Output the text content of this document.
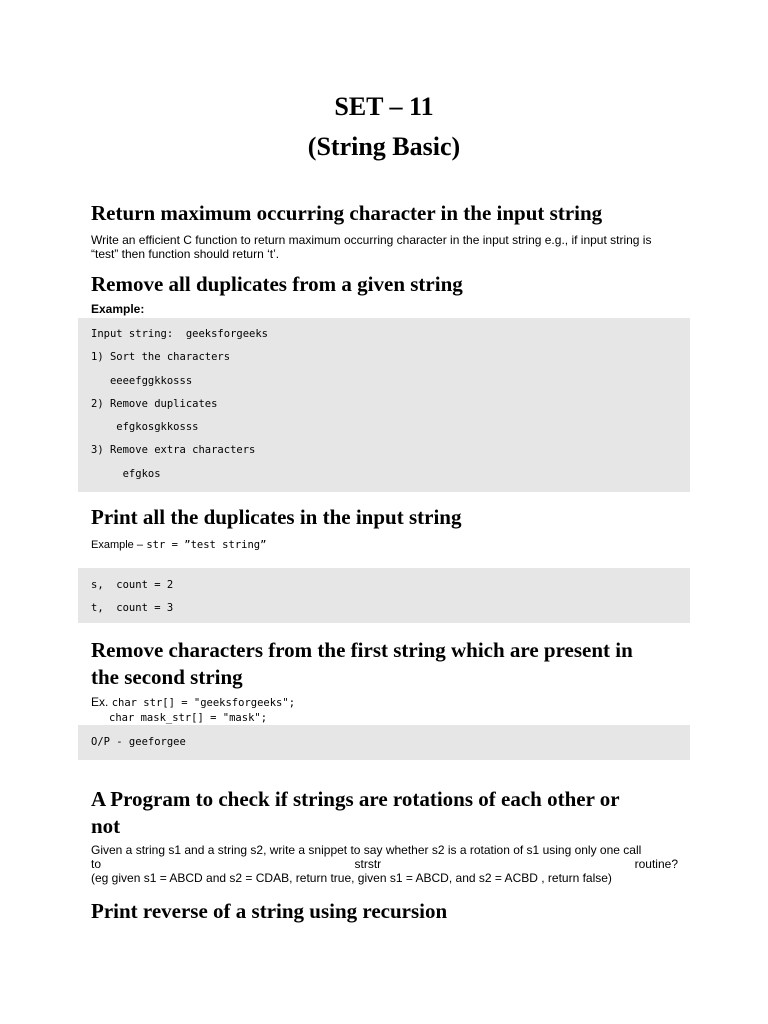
SET – 11
(String Basic)
Return maximum occurring character in the input string
Write an efficient C function to return maximum occurring character in the input string e.g., if input string is
“test” then function should return ‘t’.
Remove all duplicates from a given string
Example:
Input string:  geeksforgeeks
1) Sort the characters
eeeefggkkosss
2) Remove duplicates
efgkosgkkosss
3) Remove extra characters
efgkos
Print all the duplicates in the input string
Example – str = ”test string”
s,  count = 2
t,  count = 3
Remove characters from the first string which are present in
the second string
Ex. char str[] = "geeksforgeeks";
char mask_str[] = "mask";
O/P - geeforgee
A Program to check if strings are rotations of each other or
not
Given a string s1 and a string s2, write a snippet to say whether s2 is a rotation of s1 using only one call
to	strstr	routine?
(eg given s1 = ABCD and s2 = CDAB, return true, given s1 = ABCD, and s2 = ACBD , return false)
Print reverse of a string using recursion
